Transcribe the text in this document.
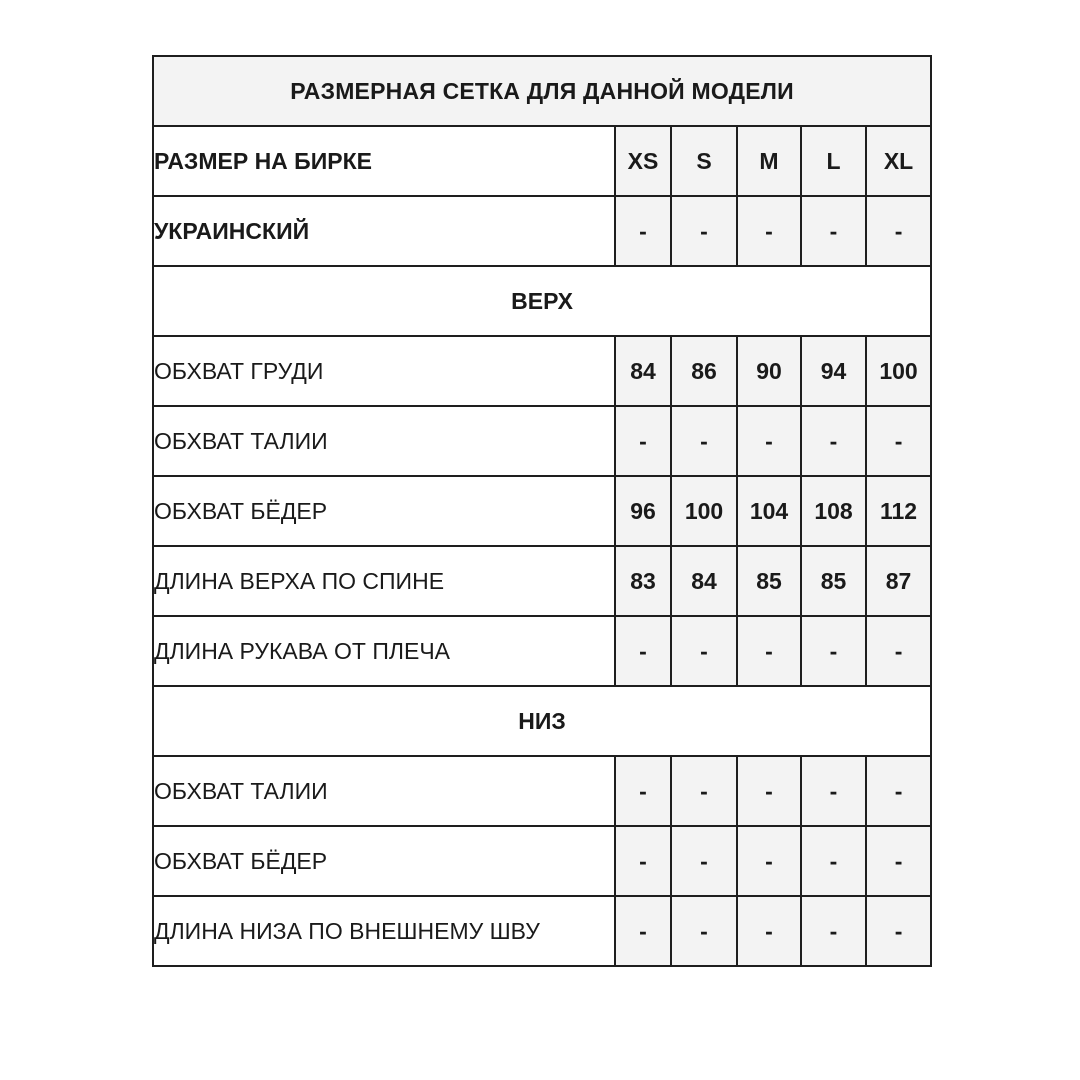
РАЗМЕРНАЯ СЕТКА ДЛЯ ДАННОЙ МОДЕЛИ					
РАЗМЕР НА БИРКЕ	XS	S	M	L	XL
УКРАИНСКИЙ	-	-	-	-	-
ВЕРХ					
ОБХВАТ ГРУДИ	84	86	90	94	100
ОБХВАТ ТАЛИИ	-	-	-	-	-
ОБХВАТ БЁДЕР	96	100	104	108	112
ДЛИНА ВЕРХА ПО СПИНЕ	83	84	85	85	87
ДЛИНА РУКАВА ОТ ПЛЕЧА	-	-	-	-	-
НИЗ					
ОБХВАТ ТАЛИИ	-	-	-	-	-
ОБХВАТ БЁДЕР	-	-	-	-	-
ДЛИНА НИЗА ПО ВНЕШНЕМУ ШВУ	-	-	-	-	-
